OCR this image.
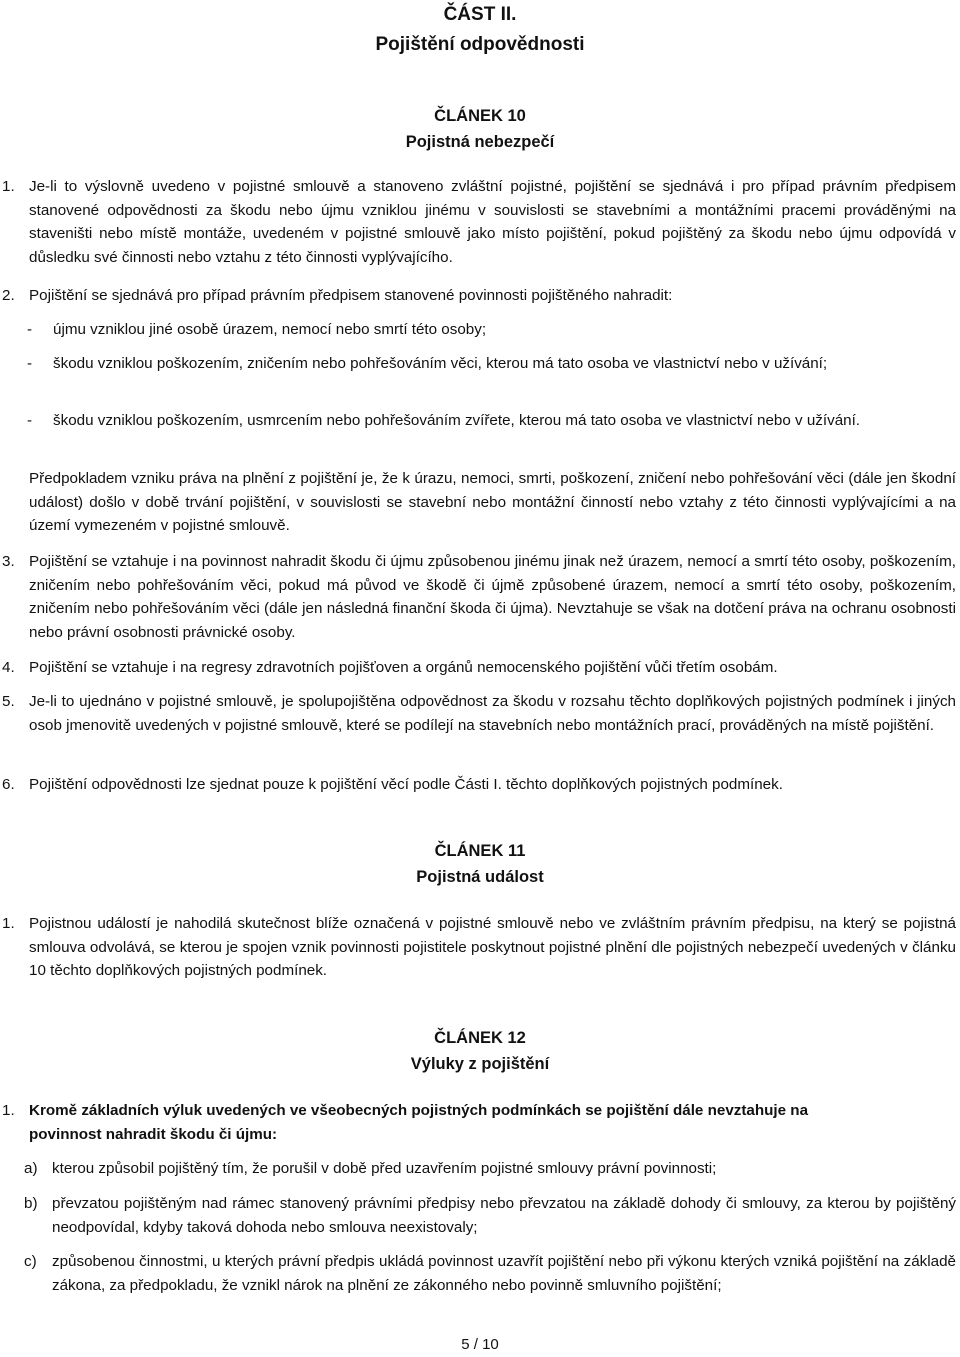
ČÁST II.
Pojištění odpovědnosti
ČLÁNEK 10
Pojistná nebezpečí
1. Je-li to výslovně uvedeno v pojistné smlouvě a stanoveno zvláštní pojistné, pojištění se sjednává i pro případ právním předpisem stanovené odpovědnosti za škodu nebo újmu vzniklou jinému v souvislosti se stavebními a montážními pracemi prováděnými na staveništi nebo místě montáže, uvedeném v pojistné smlouvě jako místo pojištění, pokud pojištěný za škodu nebo újmu odpovídá v důsledku své činnosti nebo vztahu z této činnosti vyplývajícího.
2. Pojištění se sjednává pro případ právním předpisem stanovené povinnosti pojištěného nahradit:
- újmu vzniklou jiné osobě úrazem, nemocí nebo smrtí této osoby;
- škodu vzniklou poškozením, zničením nebo pohřešováním věci, kterou má tato osoba ve vlastnictví nebo v užívání;
- škodu vzniklou poškozením, usmrcením nebo pohřešováním zvířete, kterou má tato osoba ve vlastnictví nebo v užívání.
Předpokladem vzniku práva na plnění z pojištění je, že k úrazu, nemoci, smrti, poškození, zničení nebo pohřešování věci (dále jen škodní událost) došlo v době trvání pojištění, v souvislosti se stavební nebo montážní činností nebo vztahy z této činnosti vyplývajícími a na území vymezeném v pojistné smlouvě.
3. Pojištění se vztahuje i na povinnost nahradit škodu či újmu způsobenou jinému jinak než úrazem, nemocí a smrtí této osoby, poškozením, zničením nebo pohřešováním věci, pokud má původ ve škodě či újmě způsobené úrazem, nemocí a smrtí této osoby, poškozením, zničením nebo pohřešováním věci (dále jen následná finanční škoda či újma). Nevztahuje se však na dotčení práva na ochranu osobnosti nebo právní osobnosti právnické osoby.
4. Pojištění se vztahuje i na regresy zdravotních pojišťoven a orgánů nemocenského pojištění vůči třetím osobám.
5. Je-li to ujednáno v pojistné smlouvě, je spolupojištěna odpovědnost za škodu v rozsahu těchto doplňkových pojistných podmínek i jiných osob jmenovitě uvedených v pojistné smlouvě, které se podílejí na stavebních nebo montážních prací, prováděných na místě pojištění.
6. Pojištění odpovědnosti lze sjednat pouze k pojištění věcí podle Části I. těchto doplňkových pojistných podmínek.
ČLÁNEK 11
Pojistná událost
1. Pojistnou událostí je nahodilá skutečnost blíže označená v pojistné smlouvě nebo ve zvláštním právním předpisu, na který se pojistná smlouva odvolává, se kterou je spojen vznik povinnosti pojistitele poskytnout pojistné plnění dle pojistných nebezpečí uvedených v článku 10 těchto doplňkových pojistných podmínek.
ČLÁNEK 12
Výluky z pojištění
1. Kromě základních výluk uvedených ve všeobecných pojistných podmínkách se pojištění dále nevztahuje na povinnost nahradit škodu či újmu:
a) kterou způsobil pojištěný tím, že porušil v době před uzavřením pojistné smlouvy právní povinnosti;
b) převzatou pojištěným nad rámec stanovený právními předpisy nebo převzatou na základě dohody či smlouvy, za kterou by pojištěný neodpovídal, kdyby taková dohoda nebo smlouva neexistovaly;
c) způsobenou činnostmi, u kterých právní předpis ukládá povinnost uzavřít pojištění nebo při výkonu kterých vzniká pojištění na základě zákona, za předpokladu, že vznikl nárok na plnění ze zákonného nebo povinně smluvního pojištění;
5 / 10
